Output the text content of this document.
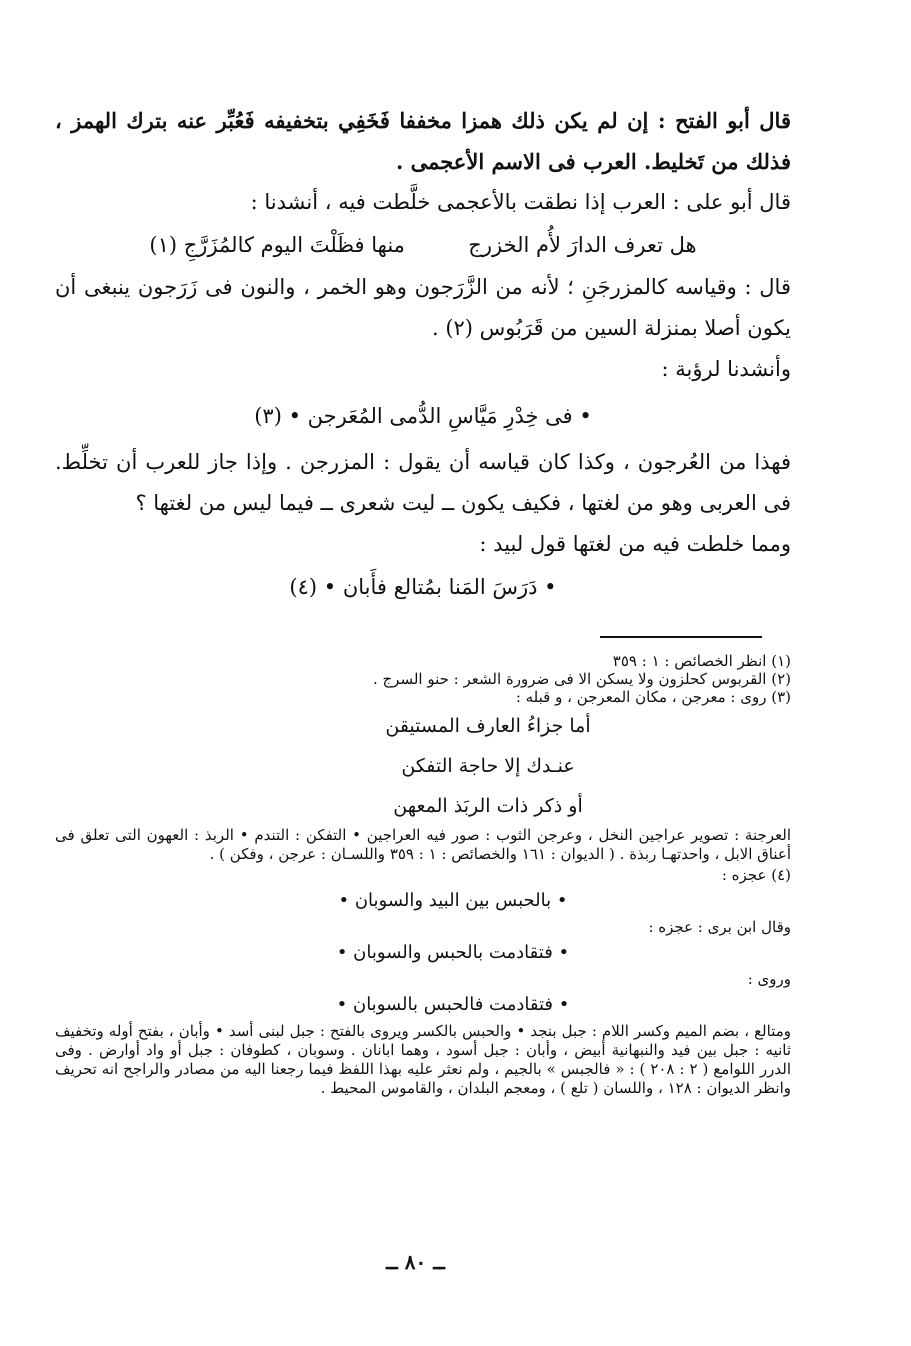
قال أبو الفتح : إن لم يكن ذلك همزا مخففا فَخَفِي بتخفيفه فَعُبِّر عنه بترك الهمز ، فذلك من تَخليط. العرب فى الاسم الأعجمى .

قال أبو على : العرب إذا نطقت بالأعجمى خلَّطت فيه ، أنشدنا :

هل تعرف الدارَ لأُم الخزرج  منها فظَلْتَ اليوم كالمُزَرَّجِ (١)

قال : وقياسه كالمزرجَنِ ؛ لأنه من الزَّرَجون وهو الخمر ، والنون فى زَرَجون ينبغى أن يكون أصلا بمنزلة السين من قَرَبُوس (٢) .

وأنشدنا لرؤبة :

• فى خِدْرِ مَيَّاسِ الدُّمى المُعَرجن • (٣)

فهذا من العُرجون ، وكذا كان قياسه أن يقول : المزرجن . وإذا جاز للعرب أن تخلِّط. فى العربى وهو من لغتها ، فكيف يكون ــ ليت شعرى ــ فيما ليس من لغتها ؟

ومما خلطت فيه من لغتها قول لبيد :

• دَرَسَ المَنا بمُتالع فأَبان • (٤)

(١) انظر الخصائص : ١ : ٣٥٩

(٢) القربوس كحلزون ولا يسكن الا فى ضرورة الشعر : حنو السرج .

(٣) روى : معرجن ، مكان المعرجن ، و قبله :

أما جزاءُ العارف المستيقن

عنـدك إلا حاجة التفكن

أو ذكر ذات الربَذ المعهن

العرجنة : تصوير عراجين النخل ، وعرجن الثوب : صور فيه العراجين • التفكن : التندم • الربذ : العهون التى تعلق فى أعناق الابل ، واحدتهـا ربذة . ( الديوان : ١٦١ والخصائص : ١ : ٣٥٩ واللسـان : عرجن ، وفكن ) .

(٤) عجزه :

• بالحبس بين البيد والسوبان •

وقال ابن برى : عجزه :

• فتقادمت بالحبس والسوبان •

وروى :

• فتقادمت فالحبس بالسوبان •

ومتالع ، بضم الميم وكسر اللام : جبل بنجد • والحبس بالكسر ويروى بالفتح : جبل لبنى أسد • وأبان ، بفتح أوله وتخفيف ثانيه : جبل بين فيد والنبهانية أبيض ، وأبان : جبل أسود ، وهما ابانان . وسوبان ، كطوفان : جبل أو واد أوارض . وفى الدرر اللوامع ( ٢ : ٢٠٨ ) : « فالجبس » بالجيم ، ولم نعثر عليه بهذا اللفظ فيما رجعنا اليه من مصادر والراجح انه تحريف وانظر الديوان : ١٢٨ ، واللسان ( تلع ) ، ومعجم البلدان ، والقاموس المحيط .

ــ ٨٠ ــ
